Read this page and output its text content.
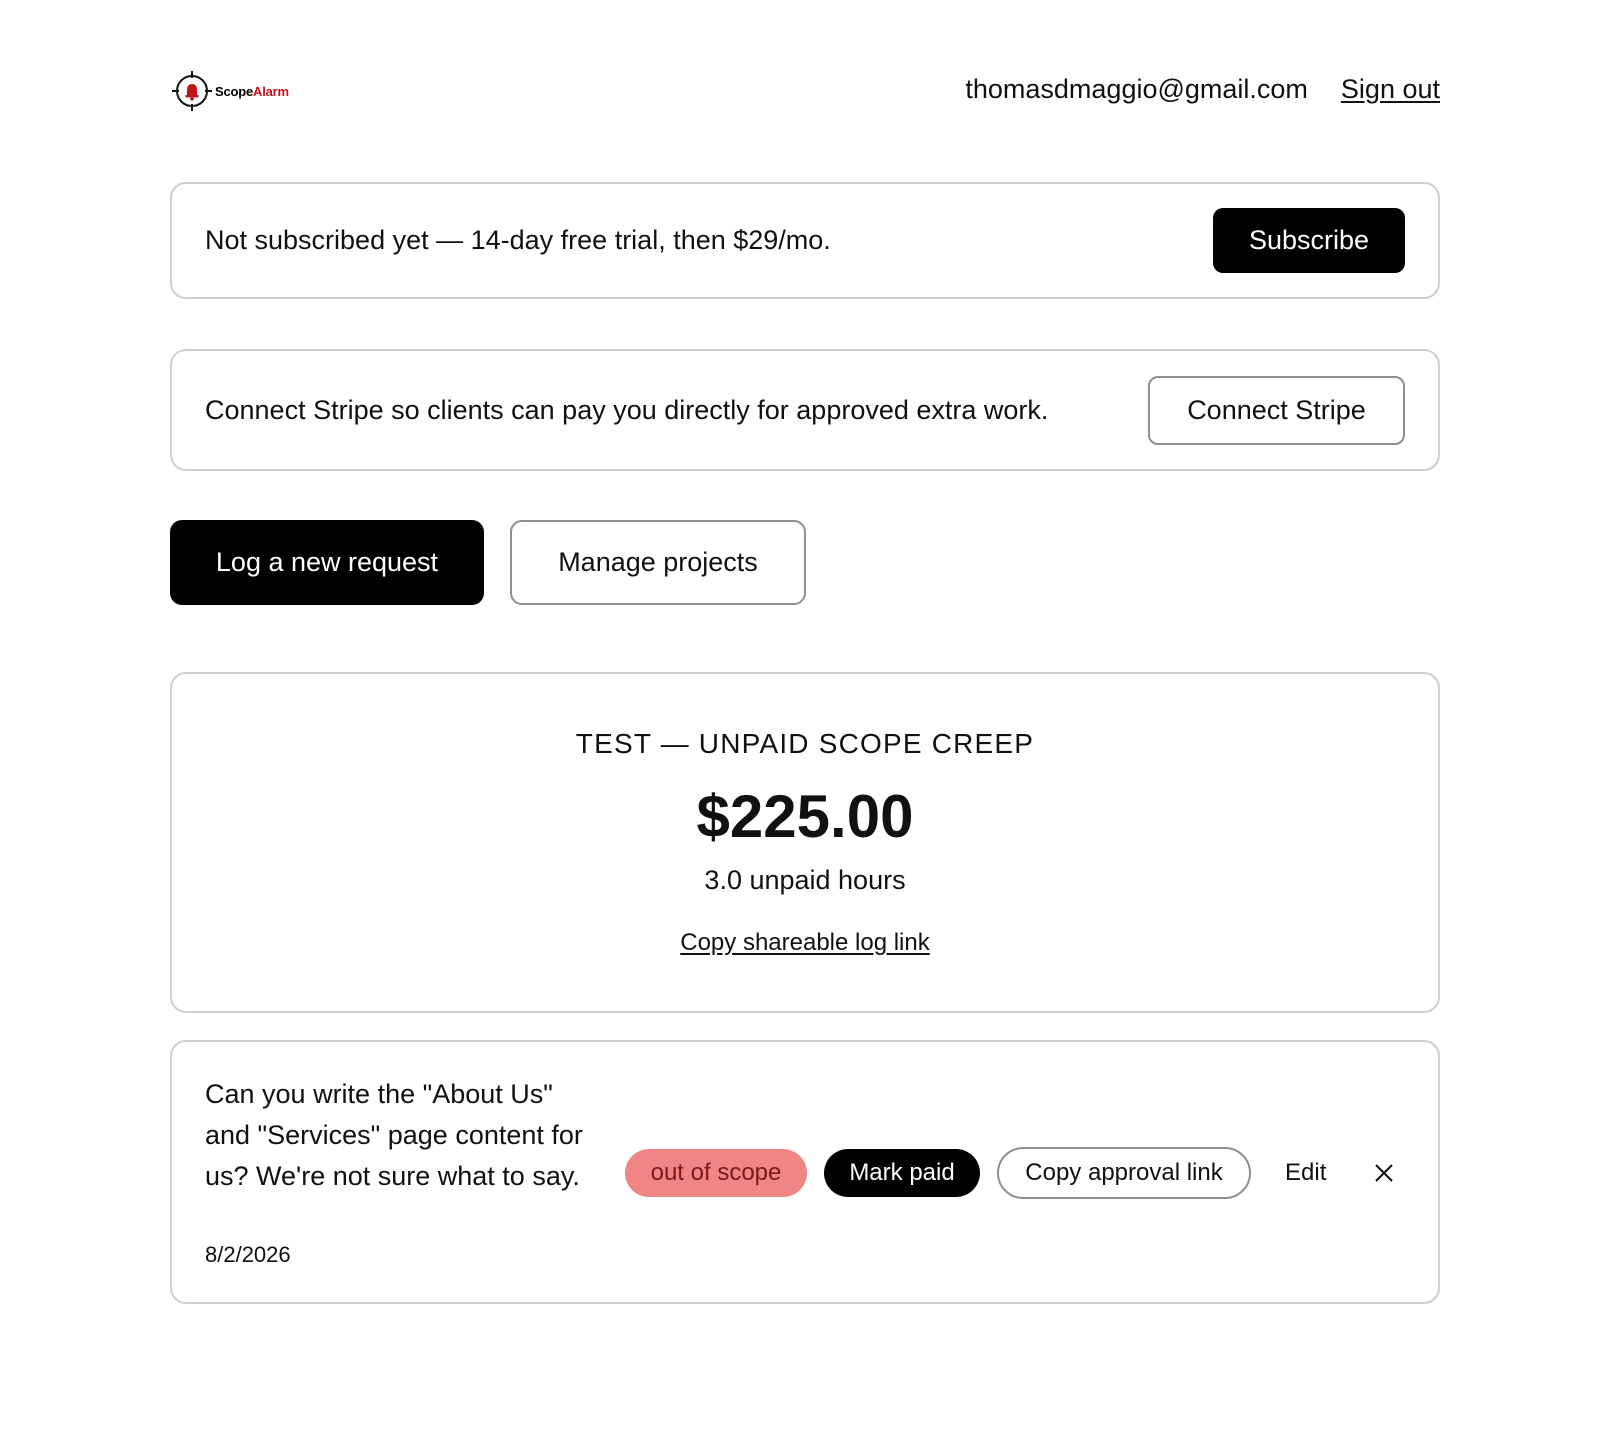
ScopeAlarm	thomasdmaggio@gmail.com Sign out
Not subscribed yet — 14-day free trial, then $29/mo.	Subscribe
Connect Stripe so clients can pay you directly for approved extra work.	Connect Stripe
Log a new request	Manage projects
TEST — UNPAID SCOPE CREEP
$225.00
3.0 unpaid hours
Copy shareable log link
Can you write the "About Us" and "Services" page content for us? We're not sure what to say.
8/2/2026
out of scope	Mark paid	Copy approval link	Edit
